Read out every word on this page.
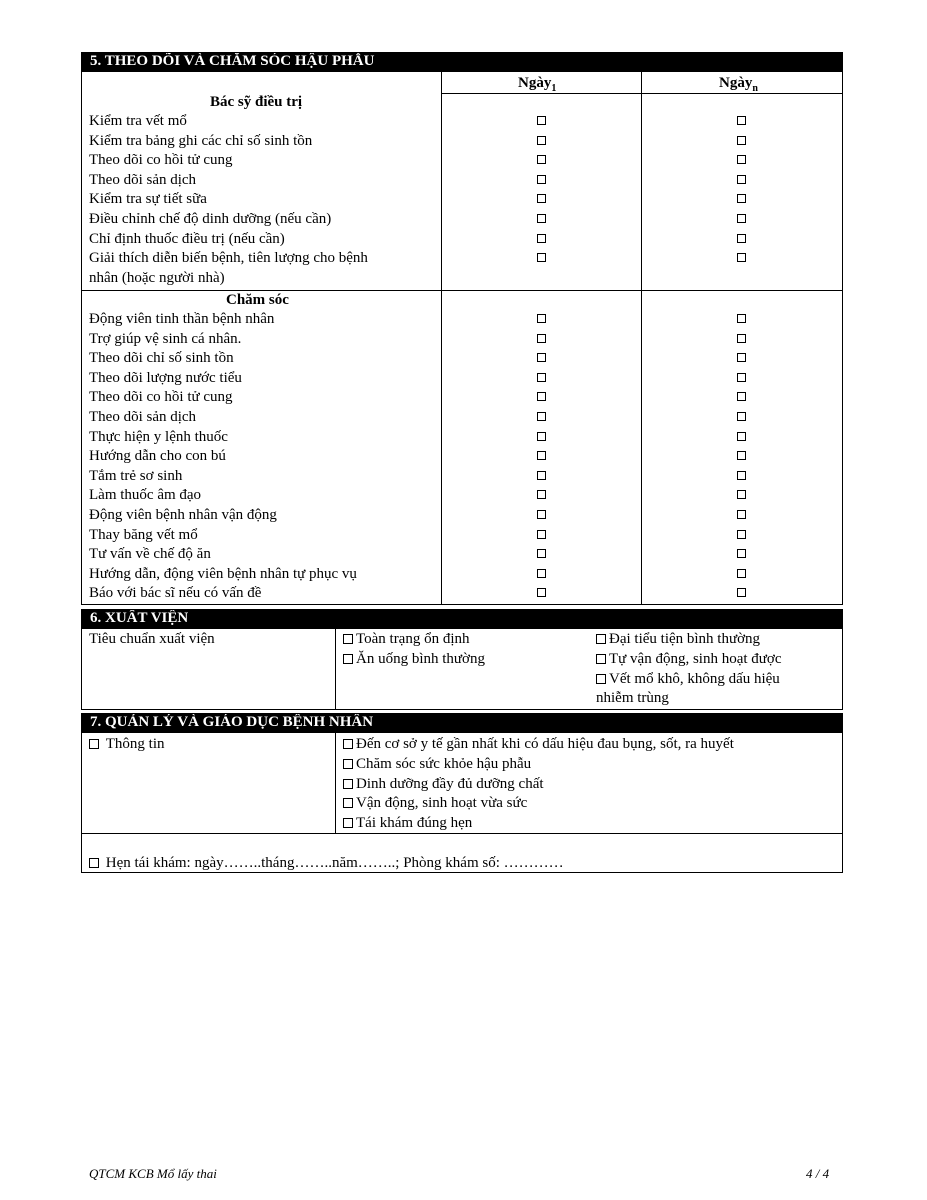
5. THEO DÕI VÀ CHĂM SÓC HẬU PHẪU
Ngày$_1$	Ngày$_n$
Bác sỹ điều trị
Kiểm tra vết mổ
Kiểm tra bảng ghi các chỉ số sinh tồn
Theo dõi co hồi tử cung
Theo dõi sản dịch
Kiểm tra sự tiết sữa
Điều chỉnh chế độ dinh dưỡng (nếu cần)
Chỉ định thuốc điều trị (nếu cần)
Giải thích diễn biến bệnh, tiên lượng cho bệnh
nhân (hoặc người nhà)
Chăm sóc
Động viên tinh thần bệnh nhân
Trợ giúp vệ sinh cá nhân.
Theo dõi chỉ số sinh tồn
Theo dõi lượng nước tiểu
Theo dõi co hồi tử cung
Theo dõi sản dịch
Thực hiện y lệnh thuốc
Hướng dẫn cho con bú
Tắm trẻ sơ sinh
Làm thuốc âm đạo
Động viên bệnh nhân vận động
Thay băng vết mổ
Tư vấn về chế độ ăn
Hướng dẫn, động viên bệnh nhân tự phục vụ
Báo với bác sĩ nếu có vấn đề
6. XUẤT VIỆN
Tiêu chuẩn xuất viện	Toàn trạng ổn định
Ăn uống bình thường
Đại tiểu tiện bình thường
Tự vận động, sinh hoạt được
Vết mổ khô, không dấu hiệu
nhiễm trùng
7. QUẢN LÝ VÀ GIÁO DỤC BỆNH NHÂN
Thông tin	Đến cơ sở y tế gần nhất khi có dấu hiệu đau bụng, sốt, ra huyết
Chăm sóc sức khỏe hậu phẫu
Dinh dưỡng đầy đủ dưỡng chất
Vận động, sinh hoạt vừa sức
Tái khám đúng hẹn
Hẹn tái khám: ngày……..tháng……..năm……..; Phòng khám số: …………
QTCM KCB Mổ lấy thai	4 / 4
